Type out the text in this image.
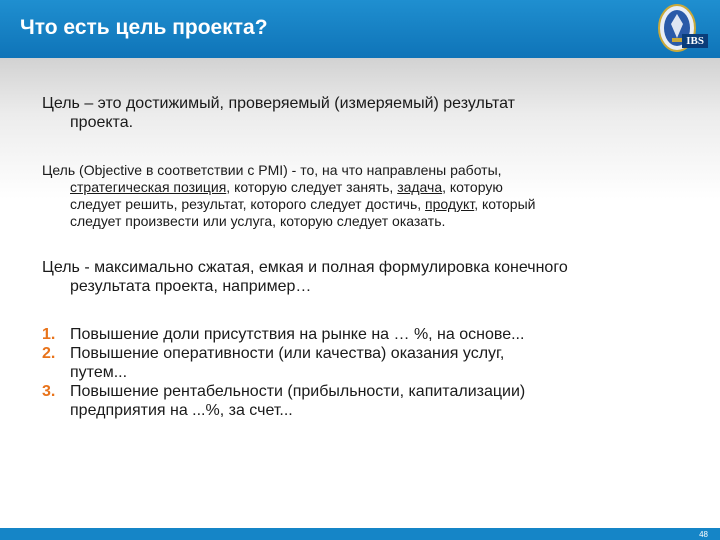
Что есть цель проекта?
IBS

Цель – это достижимый, проверяемый (измеряемый) результат
проекта.

Цель (Objective в соответствии с PMI) - то, на что направлены работы,
стратегическая позиция, которую следует занять, задача, которую
следует решить, результат, которого следует достичь, продукт, который
следует произвести или услуга, которую следует оказать.

Цель - максимально сжатая, емкая и полная формулировка конечного
результата проекта, например…

1. Повышение доли присутствия на рынке на … %, на основе...
2. Повышение оперативности (или качества) оказания услуг,
путем...
3. Повышение рентабельности (прибыльности, капитализации)
предприятия на ...%, за счет...
48
